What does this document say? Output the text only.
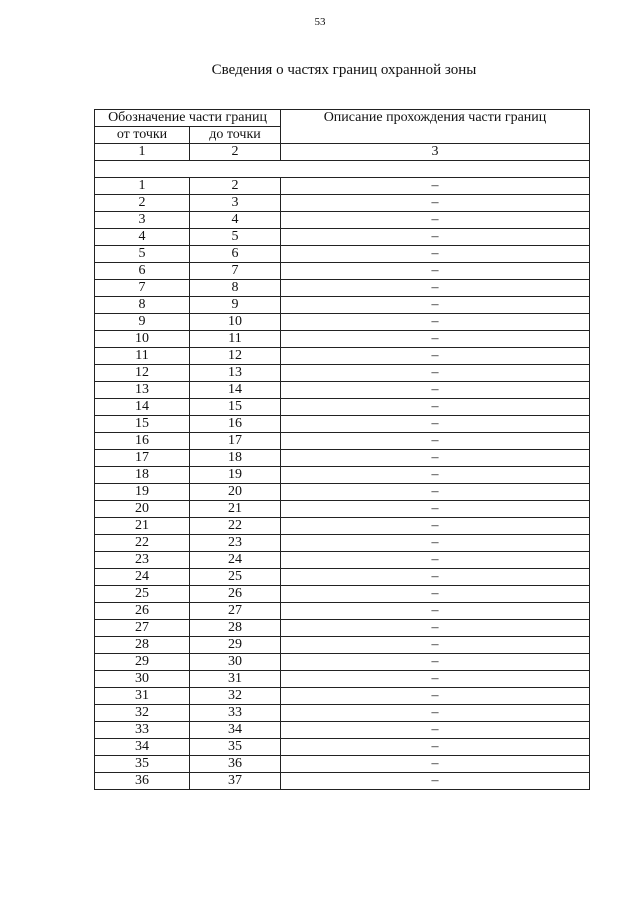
53
Сведения о частях границ охранной зоны
Обозначение части границ		Описание прохождения части границ
от точки	до точки	
1	2	3

1	2	–
2	3	–
3	4	–
4	5	–
5	6	–
6	7	–
7	8	–
8	9	–
9	10	–
10	11	–
11	12	–
12	13	–
13	14	–
14	15	–
15	16	–
16	17	–
17	18	–
18	19	–
19	20	–
20	21	–
21	22	–
22	23	–
23	24	–
24	25	–
25	26	–
26	27	–
27	28	–
28	29	–
29	30	–
30	31	–
31	32	–
32	33	–
33	34	–
34	35	–
35	36	–
36	37	–
